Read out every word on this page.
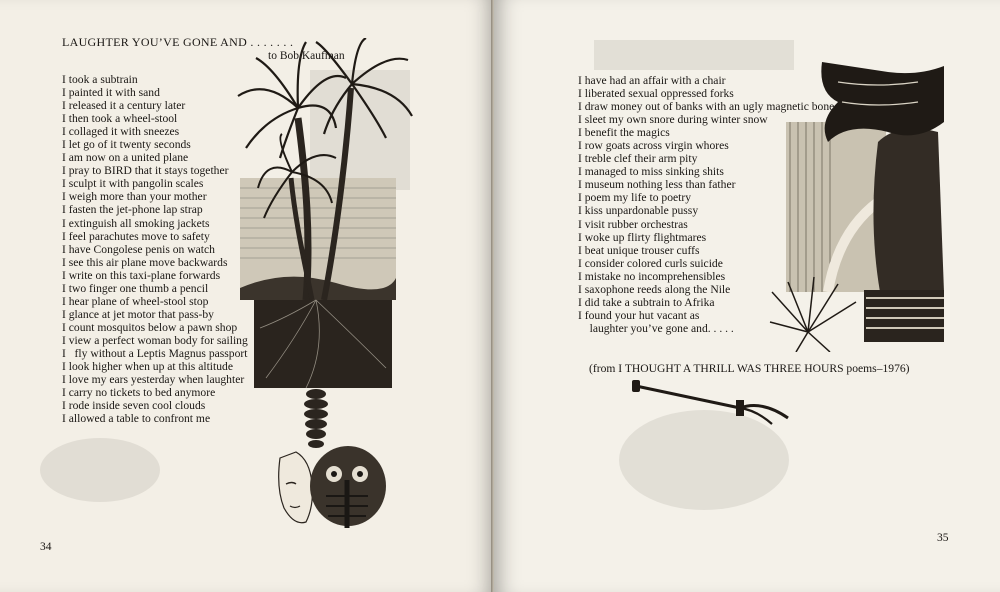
LAUGHTER YOU’VE GONE AND . . . . . . .
to Bob Kaufman
I took a subtrain
I painted it with sand
I released it a century later
I then took a wheel-stool
I collaged it with sneezes
I let go of it twenty seconds
I am now on a united plane
I pray to BIRD that it stays together
I sculpt it with pangolin scales
I weigh more than your mother
I fasten the jet-phone lap strap
I extinguish all smoking jackets
I feel parachutes move to safety
I have Congolese penis on watch
I see this air plane move backwards
I write on this taxi-plane forwards
I two finger one thumb a pencil
I hear plane of wheel-stool stop
I glance at jet motor that pass-by
I count mosquitos below a pawn shop
I view a perfect woman body for sailing
I   fly without a Leptis Magnus passport
I look higher when up at this altitude
I love my ears yesterday when laughter
I carry no tickets to bed anymore
I rode inside seven cool clouds
I allowed a table to confront me
34
I have had an affair with a chair
I liberated sexual oppressed forks
I draw money out of banks with an ugly magnetic bone
I sleet my own snore during winter snow
I benefit the magics
I row goats across virgin whores
I treble clef their arm pity
I managed to miss sinking shits
I museum nothing less than father
I poem my life to poetry
I kiss unpardonable pussy
I visit rubber orchestras
I woke up flirty flightmares
I beat unique trouser cuffs
I consider colored curls suicide
I mistake no incomprehensibles
I saxophone reeds along the Nile
I did take a subtrain to Afrika
I found your hut vacant as
laughter you’ve gone and. . . . .
(from I THOUGHT A THRILL WAS THREE HOURS poems–1976)
35
